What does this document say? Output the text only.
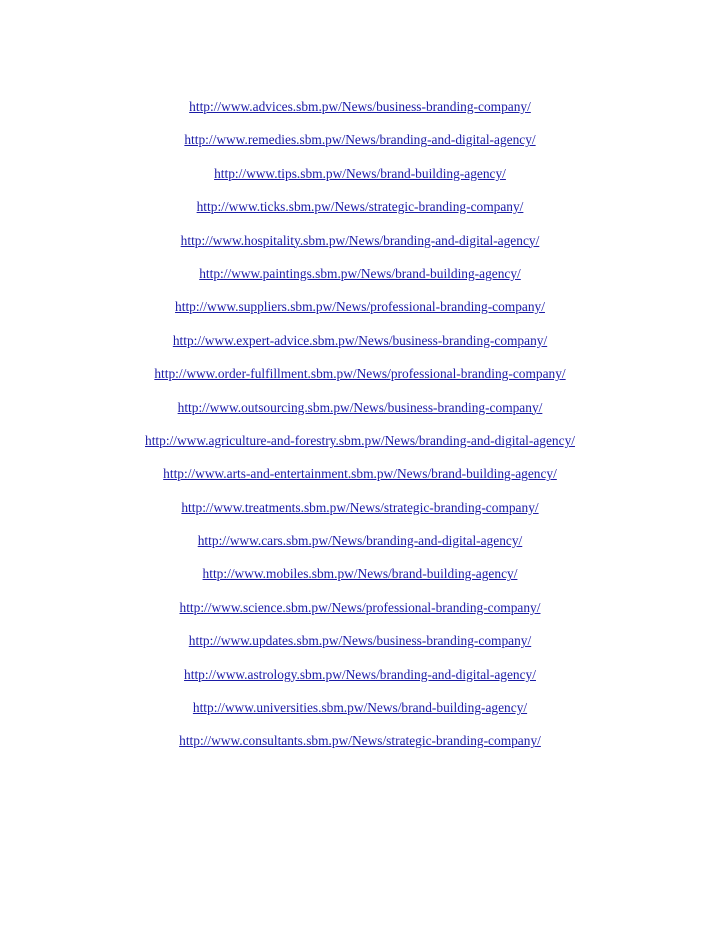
http://www.advices.sbm.pw/News/business-branding-company/
http://www.remedies.sbm.pw/News/branding-and-digital-agency/
http://www.tips.sbm.pw/News/brand-building-agency/
http://www.ticks.sbm.pw/News/strategic-branding-company/
http://www.hospitality.sbm.pw/News/branding-and-digital-agency/
http://www.paintings.sbm.pw/News/brand-building-agency/
http://www.suppliers.sbm.pw/News/professional-branding-company/
http://www.expert-advice.sbm.pw/News/business-branding-company/
http://www.order-fulfillment.sbm.pw/News/professional-branding-company/
http://www.outsourcing.sbm.pw/News/business-branding-company/
http://www.agriculture-and-forestry.sbm.pw/News/branding-and-digital-agency/
http://www.arts-and-entertainment.sbm.pw/News/brand-building-agency/
http://www.treatments.sbm.pw/News/strategic-branding-company/
http://www.cars.sbm.pw/News/branding-and-digital-agency/
http://www.mobiles.sbm.pw/News/brand-building-agency/
http://www.science.sbm.pw/News/professional-branding-company/
http://www.updates.sbm.pw/News/business-branding-company/
http://www.astrology.sbm.pw/News/branding-and-digital-agency/
http://www.universities.sbm.pw/News/brand-building-agency/
http://www.consultants.sbm.pw/News/strategic-branding-company/
